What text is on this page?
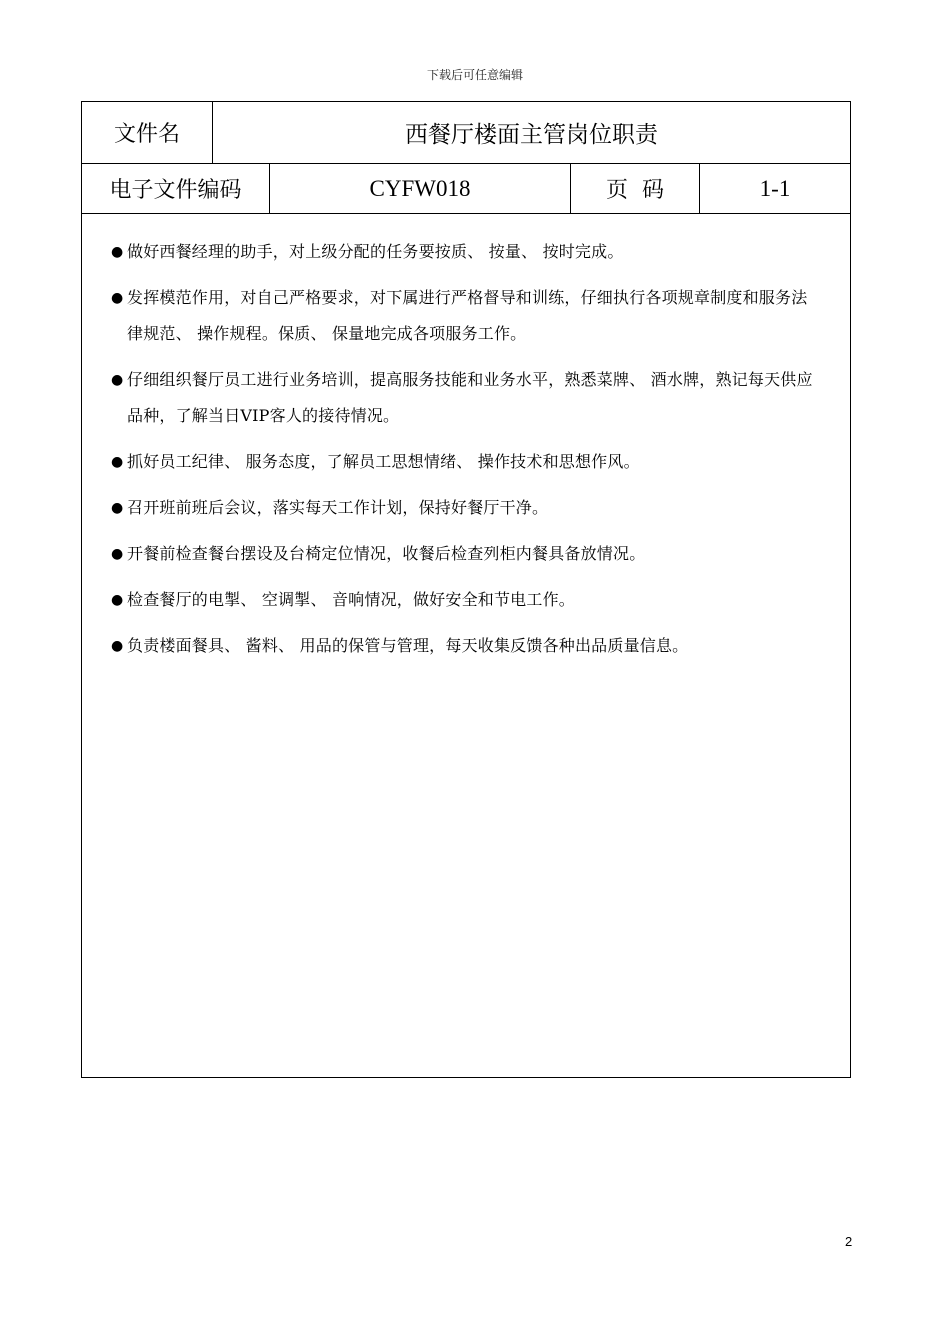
下载后可任意编辑
文件名	西餐厅楼面主管岗位职责
电子文件编码	CYFW018	页  码	1-1
● 做好西餐经理的助手，对上级分配的任务要按质、 按量、 按时完成。
● 发挥模范作用，对自己严格要求，对下属进行严格督导和训练，仔细执行各项规章制度和服务法律规范、 操作规程。保质、 保量地完成各项服务工作。
● 仔细组织餐厅员工进行业务培训，提高服务技能和业务水平，熟悉菜牌、 酒水牌，熟记每天供应品种，了解当日VIP客人的接待情况。
● 抓好员工纪律、 服务态度，了解员工思想情绪、 操作技术和思想作风。
● 召开班前班后会议，落实每天工作计划，保持好餐厅干净。
● 开餐前检查餐台摆设及台椅定位情况，收餐后检查列柜内餐具备放情况。
● 检查餐厅的电掣、 空调掣、 音响情况，做好安全和节电工作。
● 负责楼面餐具、 酱料、 用品的保管与管理，每天收集反馈各种出品质量信息。
2
